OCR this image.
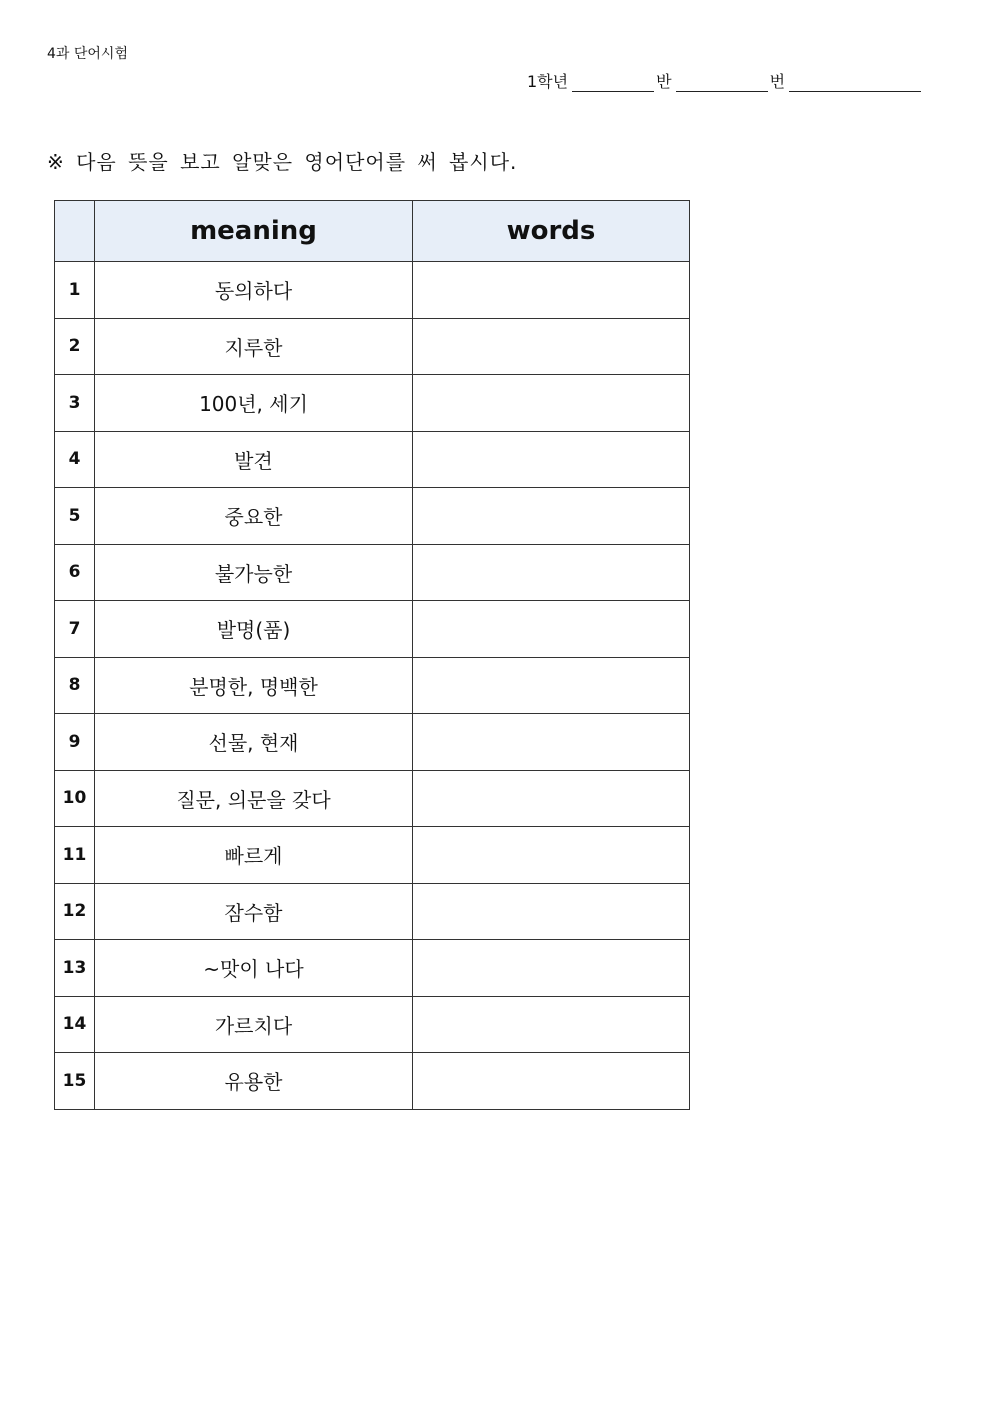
4과 단어시험
1학년	반	번
※ 다음 뜻을 보고 알맞은 영어단어를 써 봅시다.
	meaning	words
1	동의하다	
2	지루한	
3	100년, 세기	
4	발견	
5	중요한	
6	불가능한	
7	발명(품)	
8	분명한, 명백한	
9	선물, 현재	
10	질문, 의문을 갖다	
11	빠르게	
12	잠수함	
13	~맛이 나다	
14	가르치다	
15	유용한	
